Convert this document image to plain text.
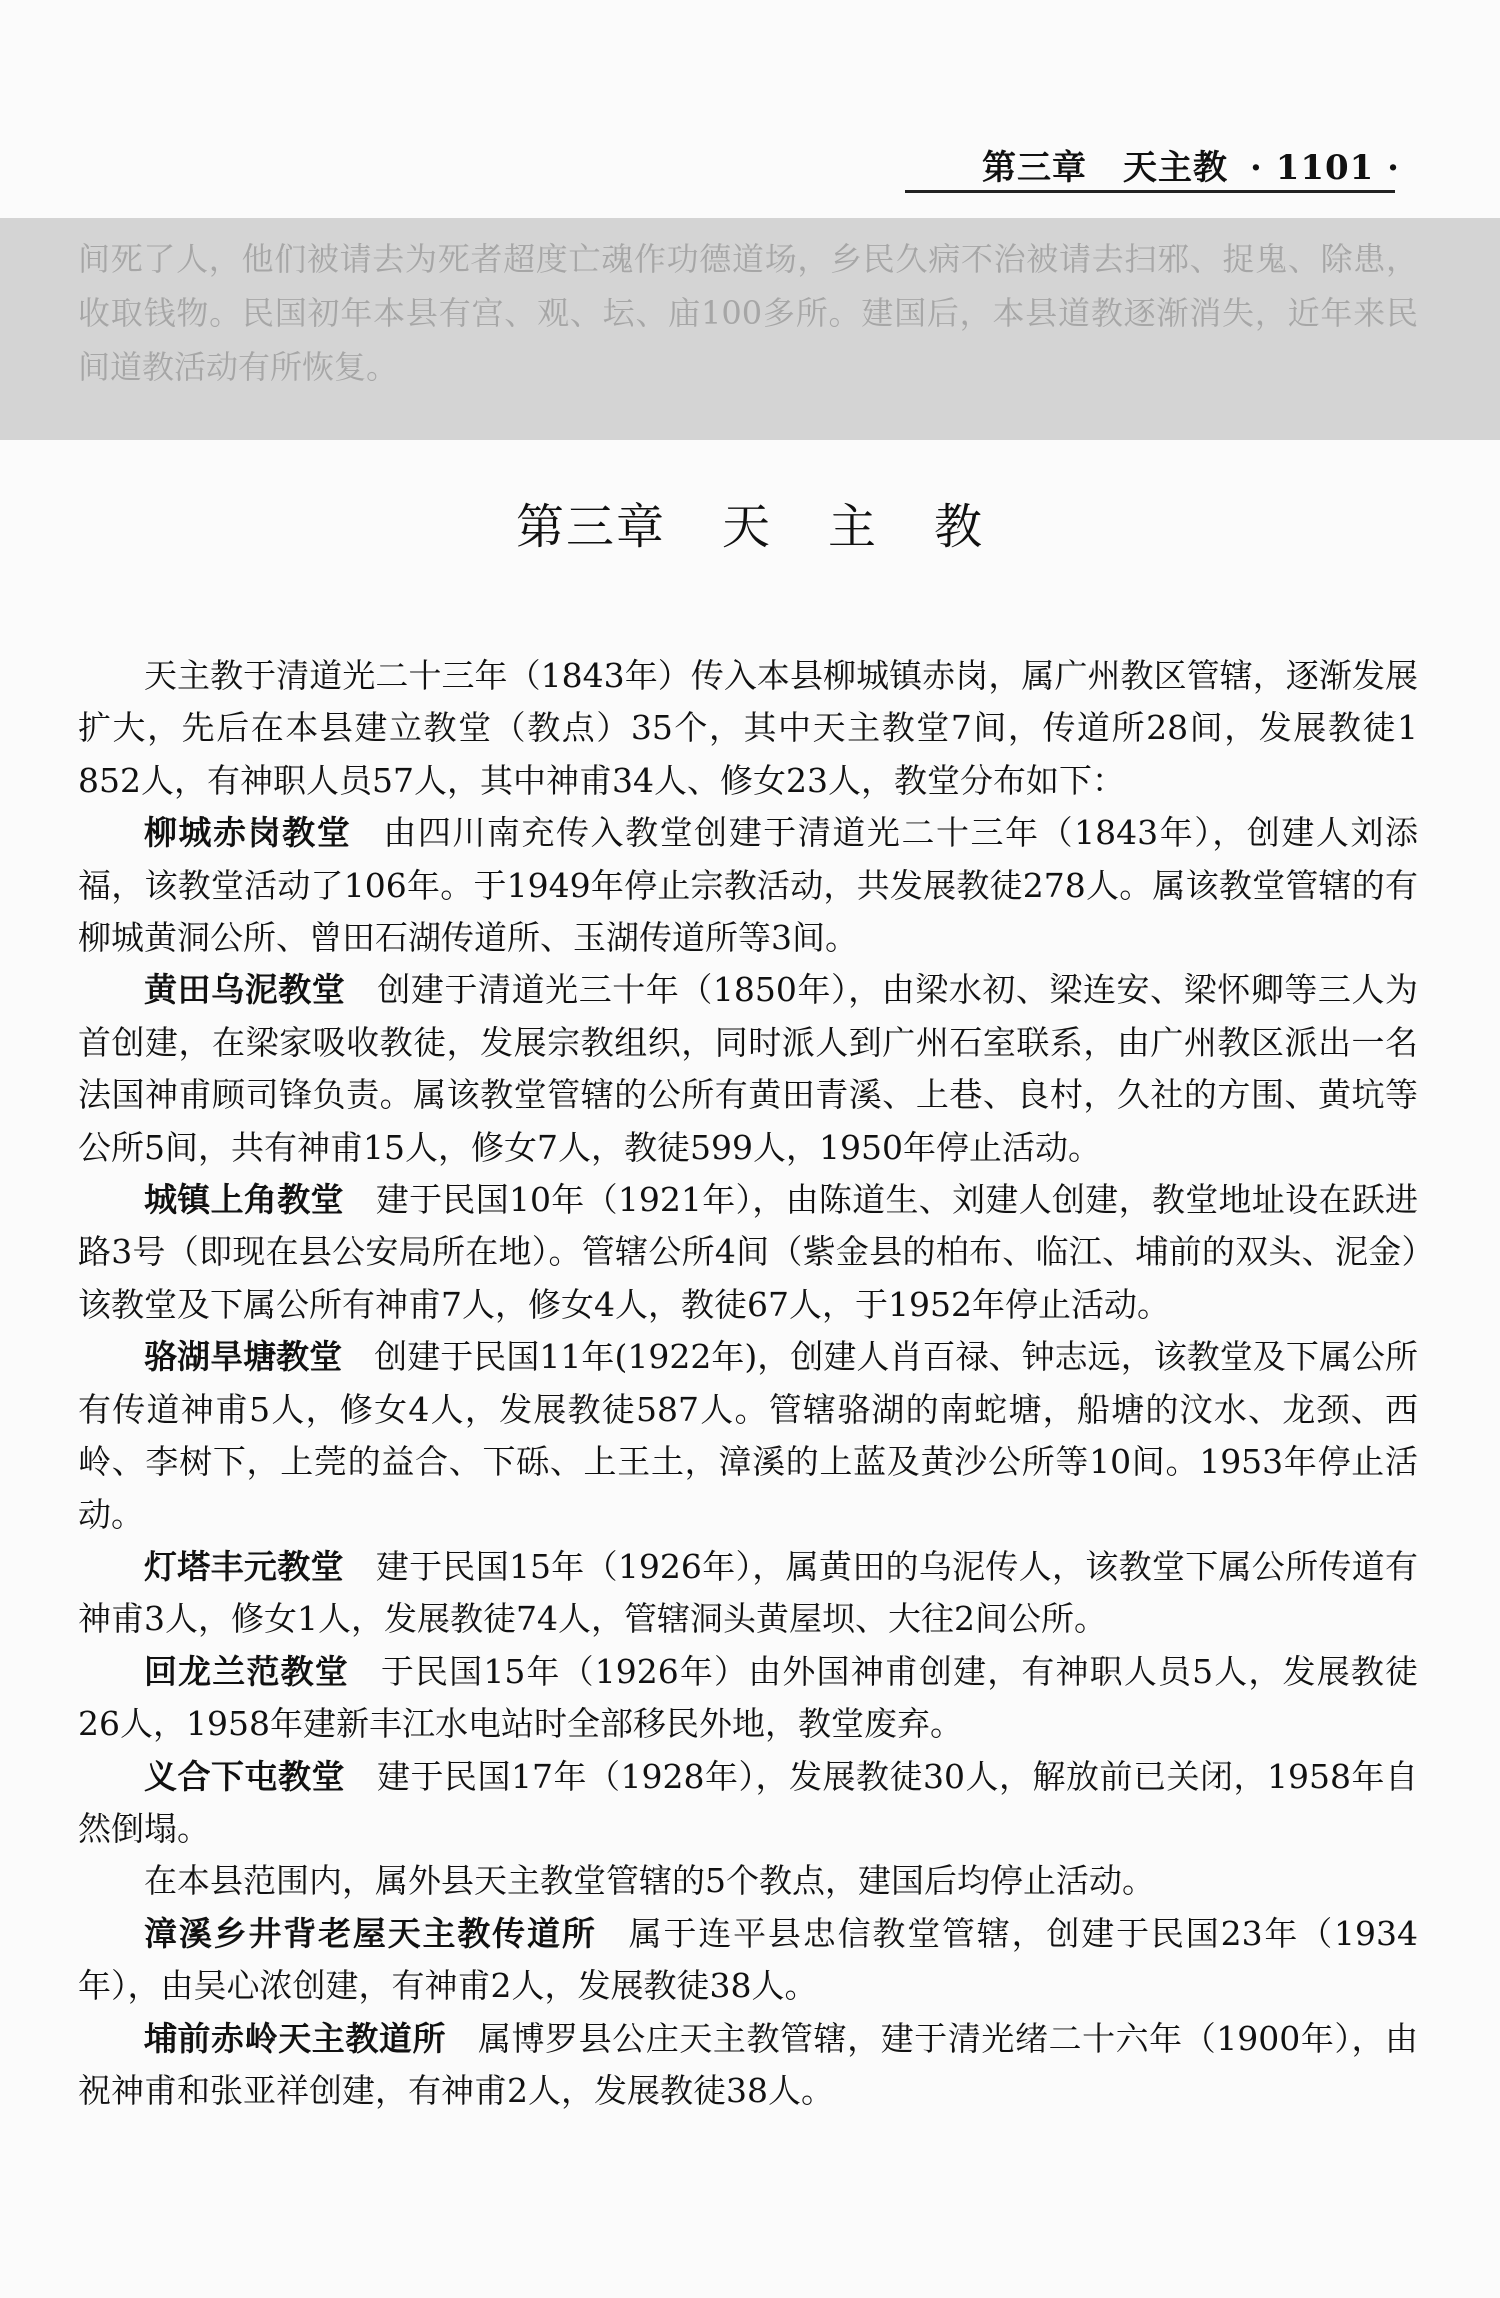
第三章 天主教 · 1101 ·
间死了人，他们被请去为死者超度亡魂作功德道场，乡民久病不治被请去扫邪、捉鬼、除患，收取钱物。民国初年本县有宫、观、坛、庙100多所。建国后，本县道教逐渐消失，近年来民间道教活动有所恢复。
第三章 天 主 教

天主教于清道光二十三年（1843年）传入本县柳城镇赤岗，属广州教区管辖，逐渐发展扩大，先后在本县建立教堂（教点）35个，其中天主教堂7间，传道所28间，发展教徒1 852人，有神职人员57人，其中神甫34人、修女23人，教堂分布如下：

柳城赤岗教堂 由四川南充传入教堂创建于清道光二十三年（1843年），创建人刘添福，该教堂活动了106年。于1949年停止宗教活动，共发展教徒278人。属该教堂管辖的有柳城黄洞公所、曾田石湖传道所、玉湖传道所等3间。

黄田乌泥教堂 创建于清道光三十年（1850年），由梁水初、梁连安、梁怀卿等三人为首创建，在梁家吸收教徒，发展宗教组织，同时派人到广州石室联系，由广州教区派出一名法国神甫顾司锋负责。属该教堂管辖的公所有黄田青溪、上巷、良村，久社的方围、黄坑等公所5间，共有神甫15人，修女7人，教徒599人，1950年停止活动。

城镇上角教堂 建于民国10年（1921年），由陈道生、刘建人创建，教堂地址设在跃进路3号（即现在县公安局所在地）。管辖公所4间（紫金县的柏布、临江、埔前的双头、泥金）该教堂及下属公所有神甫7人，修女4人，教徒67人，于1952年停止活动。

骆湖旱塘教堂 创建于民国11年(1922年)，创建人肖百禄、钟志远，该教堂及下属公所有传道神甫5人，修女4人，发展教徒587人。管辖骆湖的南蛇塘，船塘的汶水、龙颈、西岭、李树下，上莞的益合、下砾、上王土，漳溪的上蓝及黄沙公所等10间。1953年停止活动。

灯塔丰元教堂 建于民国15年（1926年），属黄田的乌泥传人，该教堂下属公所传道有神甫3人，修女1人，发展教徒74人，管辖洞头黄屋坝、大往2间公所。

回龙兰范教堂 于民国15年（1926年）由外国神甫创建，有神职人员5人，发展教徒26人，1958年建新丰江水电站时全部移民外地，教堂废弃。

义合下屯教堂 建于民国17年（1928年），发展教徒30人，解放前已关闭，1958年自然倒塌。

在本县范围内，属外县天主教堂管辖的5个教点，建国后均停止活动。

漳溪乡井背老屋天主教传道所 属于连平县忠信教堂管辖，创建于民国23年（1934年），由吴心浓创建，有神甫2人，发展教徒38人。

埔前赤岭天主教道所 属博罗县公庄天主教管辖，建于清光绪二十六年（1900年），由祝神甫和张亚祥创建，有神甫2人，发展教徒38人。
